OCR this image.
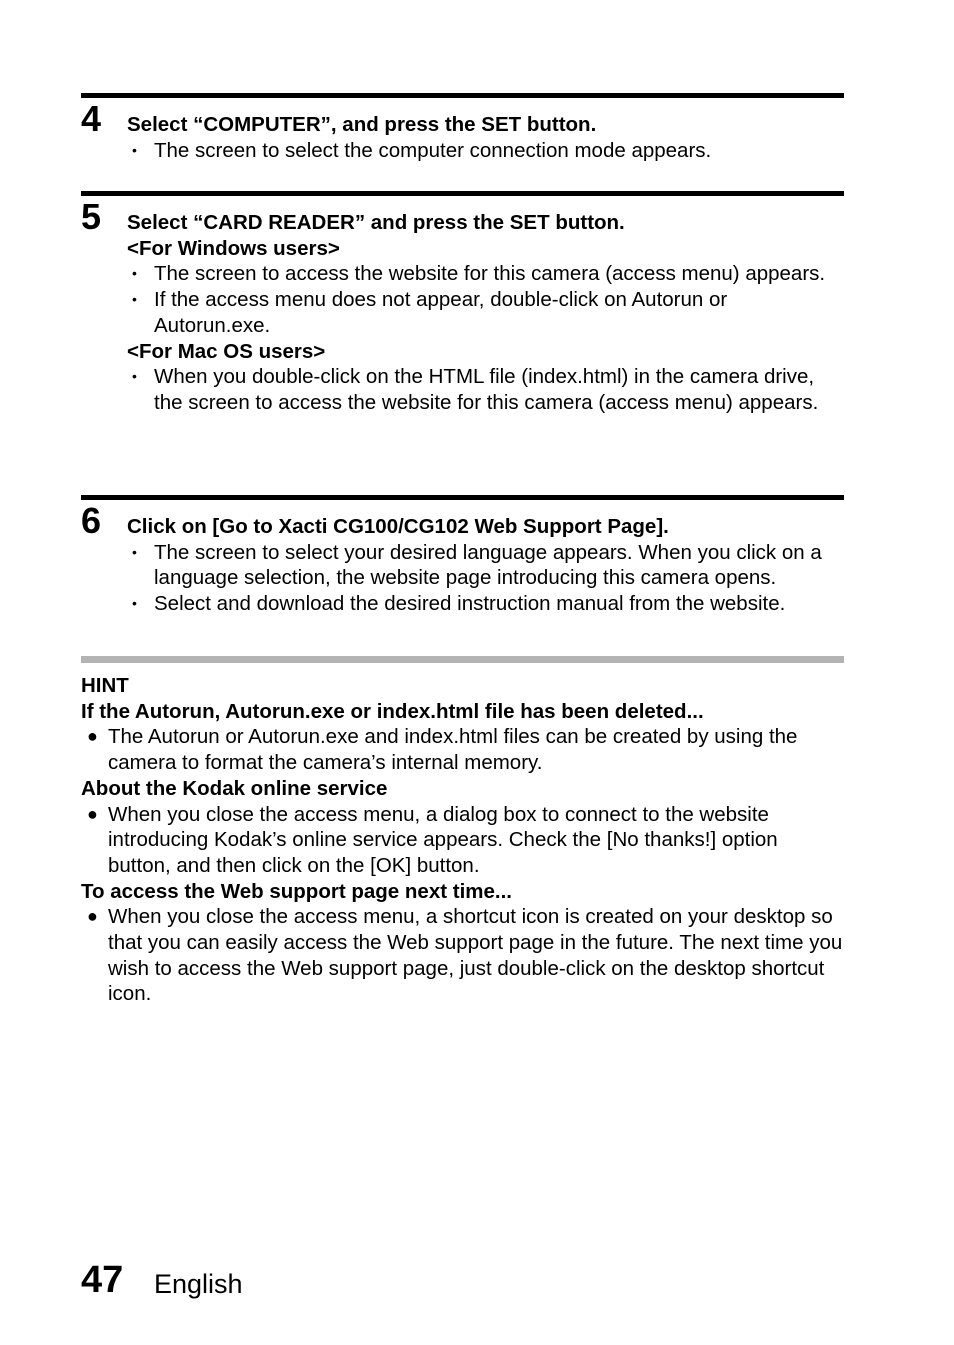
4 Select “COMPUTER”, and press the SET button.
• The screen to select the computer connection mode appears.
5 Select “CARD READER” and press the SET button.
<For Windows users>
• The screen to access the website for this camera (access menu) appears.
• If the access menu does not appear, double-click on Autorun or Autorun.exe.
<For Mac OS users>
• When you double-click on the HTML file (index.html) in the camera drive, the screen to access the website for this camera (access menu) appears.
6 Click on [Go to Xacti CG100/CG102 Web Support Page].
• The screen to select your desired language appears. When you click on a language selection, the website page introducing this camera opens.
• Select and download the desired instruction manual from the website.
HINT
If the Autorun, Autorun.exe or index.html file has been deleted...
● The Autorun or Autorun.exe and index.html files can be created by using the camera to format the camera’s internal memory.
About the Kodak online service
● When you close the access menu, a dialog box to connect to the website introducing Kodak’s online service appears. Check the [No thanks!] option button, and then click on the [OK] button.
To access the Web support page next time...
● When you close the access menu, a shortcut icon is created on your desktop so that you can easily access the Web support page in the future. The next time you wish to access the Web support page, just double-click on the desktop shortcut icon.
47 English
